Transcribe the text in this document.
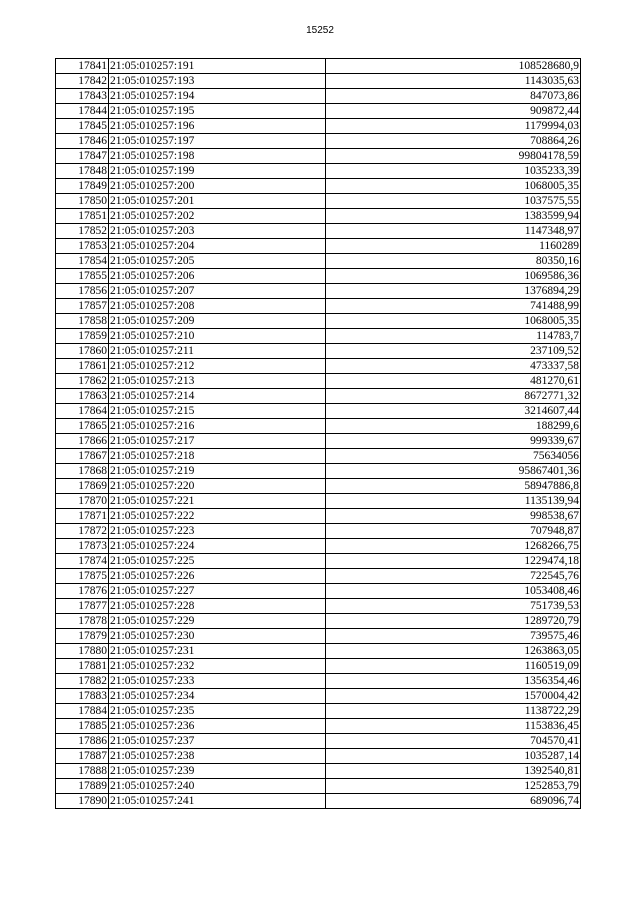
15252
17841	21:05:010257:191	108528680,9
17842	21:05:010257:193	1143035,63
17843	21:05:010257:194	847073,86
17844	21:05:010257:195	909872,44
17845	21:05:010257:196	1179994,03
17846	21:05:010257:197	708864,26
17847	21:05:010257:198	99804178,59
17848	21:05:010257:199	1035233,39
17849	21:05:010257:200	1068005,35
17850	21:05:010257:201	1037575,55
17851	21:05:010257:202	1383599,94
17852	21:05:010257:203	1147348,97
17853	21:05:010257:204	1160289
17854	21:05:010257:205	80350,16
17855	21:05:010257:206	1069586,36
17856	21:05:010257:207	1376894,29
17857	21:05:010257:208	741488,99
17858	21:05:010257:209	1068005,35
17859	21:05:010257:210	114783,7
17860	21:05:010257:211	237109,52
17861	21:05:010257:212	473337,58
17862	21:05:010257:213	481270,61
17863	21:05:010257:214	8672771,32
17864	21:05:010257:215	3214607,44
17865	21:05:010257:216	188299,6
17866	21:05:010257:217	999339,67
17867	21:05:010257:218	75634056
17868	21:05:010257:219	95867401,36
17869	21:05:010257:220	58947886,8
17870	21:05:010257:221	1135139,94
17871	21:05:010257:222	998538,67
17872	21:05:010257:223	707948,87
17873	21:05:010257:224	1268266,75
17874	21:05:010257:225	1229474,18
17875	21:05:010257:226	722545,76
17876	21:05:010257:227	1053408,46
17877	21:05:010257:228	751739,53
17878	21:05:010257:229	1289720,79
17879	21:05:010257:230	739575,46
17880	21:05:010257:231	1263863,05
17881	21:05:010257:232	1160519,09
17882	21:05:010257:233	1356354,46
17883	21:05:010257:234	1570004,42
17884	21:05:010257:235	1138722,29
17885	21:05:010257:236	1153836,45
17886	21:05:010257:237	704570,41
17887	21:05:010257:238	1035287,14
17888	21:05:010257:239	1392540,81
17889	21:05:010257:240	1252853,79
17890	21:05:010257:241	689096,74
